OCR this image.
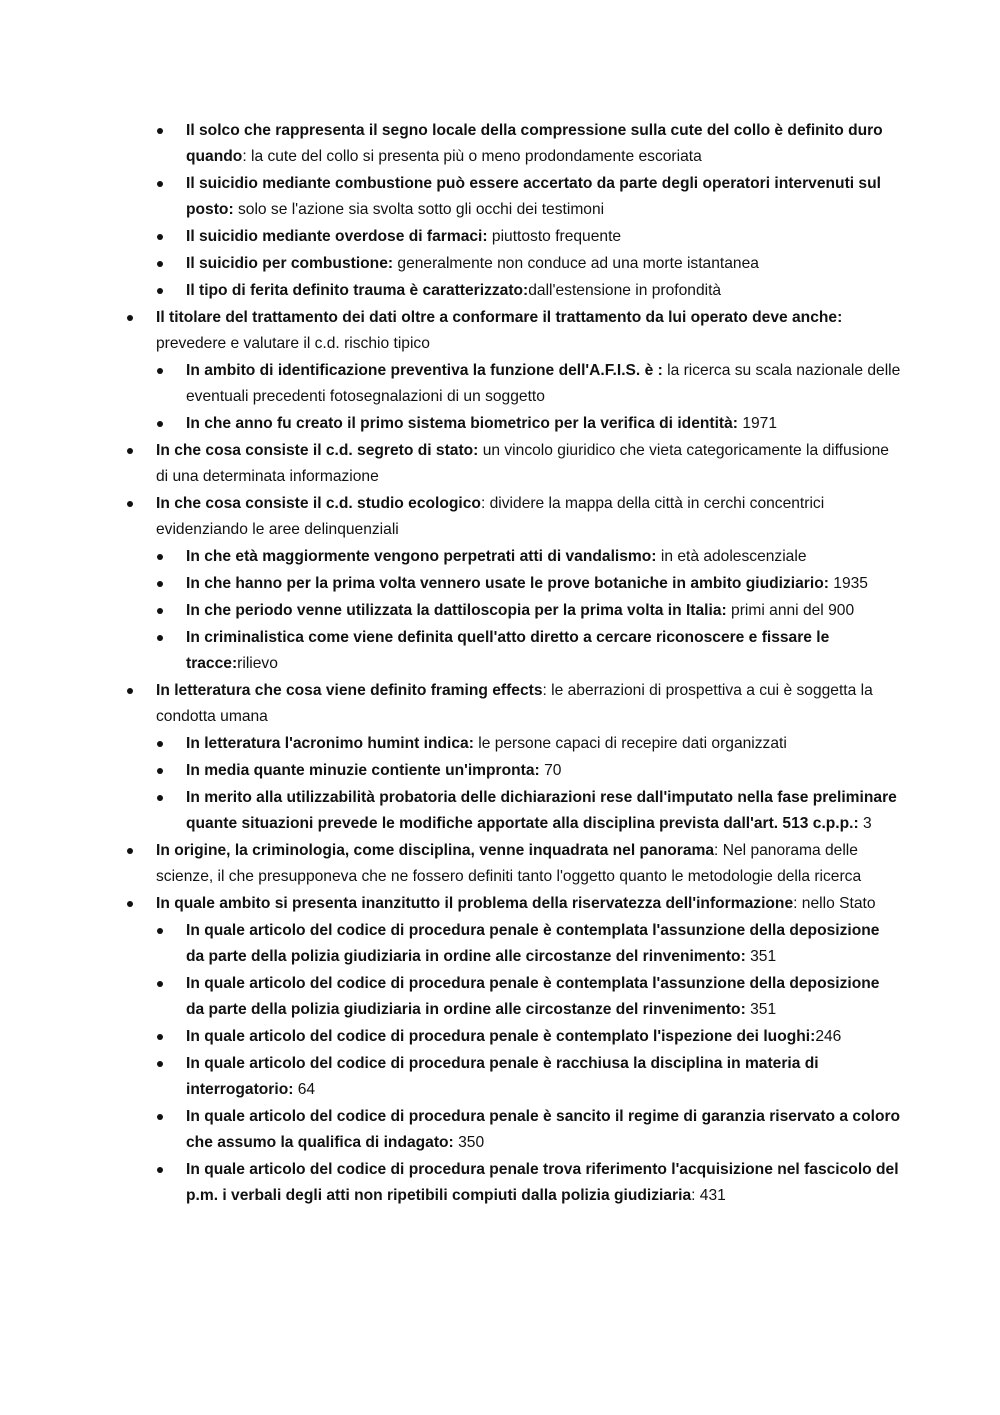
Il solco che rappresenta il segno locale della compressione sulla cute del collo è definito duro quando: la cute del collo si presenta più o meno prodondamente escoriata
Il suicidio mediante combustione può essere accertato da parte degli operatori intervenuti sul posto: solo se l'azione sia svolta sotto gli occhi dei testimoni
Il suicidio mediante overdose di farmaci: piuttosto frequente
Il suicidio per combustione: generalmente non conduce ad una morte istantanea
Il tipo di ferita definito trauma è caratterizzato:dall'estensione in profondità
Il titolare del trattamento dei dati oltre a conformare il trattamento da lui operato deve anche: prevedere e valutare il c.d. rischio tipico
In ambito di identificazione preventiva la funzione dell'A.F.I.S. è : la ricerca su scala nazionale delle eventuali precedenti fotosegnalazioni di un soggetto
In che anno fu creato il primo sistema biometrico per la verifica di identità: 1971
In che cosa consiste il c.d. segreto di stato: un vincolo giuridico che vieta categoricamente la diffusione di una determinata informazione
In che cosa consiste il c.d. studio ecologico: dividere la mappa della città in cerchi concentrici evidenziando le aree delinquenziali
In che età maggiormente vengono perpetrati atti di vandalismo: in età adolescenziale
In che hanno per la prima volta vennero usate le prove botaniche in ambito giudiziario: 1935
In che periodo venne utilizzata la dattiloscopia per la prima volta in Italia: primi anni del 900
In criminalistica come viene definita quell'atto diretto a cercare riconoscere e fissare le tracce:rilievo
In letteratura che cosa viene definito framing effects: le aberrazioni di prospettiva a cui è soggetta la condotta umana
In letteratura l'acronimo humint indica: le persone capaci di recepire dati organizzati
In media quante minuzie contiente un'impronta: 70
In merito alla utilizzabilità probatoria delle dichiarazioni rese dall'imputato nella fase preliminare quante situazioni prevede le modifiche apportate alla disciplina prevista dall'art. 513 c.p.p.: 3
In origine, la criminologia, come disciplina, venne inquadrata nel panorama: Nel panorama delle scienze, il che presupponeva che ne fossero definiti tanto l'oggetto quanto le metodologie della ricerca
In quale ambito si presenta inanzitutto il problema della riservatezza dell'informazione: nello Stato
In quale articolo del codice di procedura penale è contemplata l'assunzione della deposizione da parte della polizia giudiziaria in ordine alle circostanze del rinvenimento: 351
In quale articolo del codice di procedura penale è contemplata l'assunzione della deposizione da parte della polizia giudiziaria in ordine alle circostanze del rinvenimento: 351
In quale articolo del codice di procedura penale è contemplato l'ispezione dei luoghi:246
In quale articolo del codice di procedura penale è racchiusa la disciplina in materia di interrogatorio: 64
In quale articolo del codice di procedura penale è sancito il regime di garanzia riservato a coloro che assumo la qualifica di indagato: 350
In quale articolo del codice di procedura penale trova riferimento l'acquisizione nel fascicolo del p.m. i verbali degli atti non ripetibili compiuti dalla polizia giudiziaria: 431
